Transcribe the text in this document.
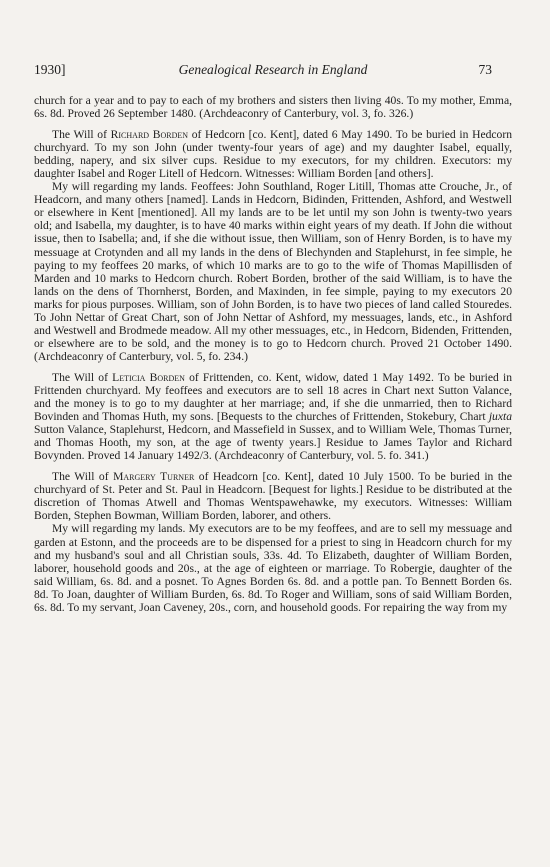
1930]	Genealogical Research in England	73

church for a year and to pay to each of my brothers and sisters then living 40s. To my mother, Emma, 6s. 8d. Proved 26 September 1480. (Archdeaconry of Canterbury, vol. 3, fo. 326.)

The Will of Richard Borden of Hedcorn [co. Kent], dated 6 May 1490. To be buried in Hedcorn churchyard. To my son John (under twenty-four years of age) and my daughter Isabel, equally, bedding, napery, and six silver cups. Residue to my executors, for my children. Executors: my daughter Isabel and Roger Litell of Hedcorn. Witnesses: William Borden [and others].

My will regarding my lands. Feoffees: John Southland, Roger Litill, Thomas atte Crouche, Jr., of Headcorn, and many others [named]. Lands in Hedcorn, Bidinden, Frittenden, Ashford, and Westwell or elsewhere in Kent [mentioned]. All my lands are to be let until my son John is twenty-two years old; and Isabella, my daughter, is to have 40 marks within eight years of my death. If John die without issue, then to Isabella; and, if she die without issue, then William, son of Henry Borden, is to have my messuage at Crotynden and all my lands in the dens of Blechynden and Staplehurst, in fee simple, he paying to my feoffees 20 marks, of which 10 marks are to go to the wife of Thomas Mapillisden of Marden and 10 marks to Hedcorn church. Robert Borden, brother of the said William, is to have the lands on the dens of Thornherst, Borden, and Maxinden, in fee simple, paying to my executors 20 marks for pious purposes. William, son of John Borden, is to have two pieces of land called Stouredes. To John Nettar of Great Chart, son of John Nettar of Ashford, my messuages, lands, etc., in Ashford and Westwell and Brodmede meadow. All my other messuages, etc., in Hedcorn, Bidenden, Frittenden, or elsewhere are to be sold, and the money is to go to Hedcorn church. Proved 21 October 1490. (Archdeaconry of Canterbury, vol. 5, fo. 234.)

The Will of Leticia Borden of Frittenden, co. Kent, widow, dated 1 May 1492. To be buried in Frittenden churchyard. My feoffees and executors are to sell 18 acres in Chart next Sutton Valance, and the money is to go to my daughter at her marriage; and, if she die unmarried, then to Richard Bovinden and Thomas Huth, my sons. [Bequests to the churches of Frittenden, Stokebury, Chart juxta Sutton Valance, Staplehurst, Hedcorn, and Massefield in Sussex, and to William Wele, Thomas Turner, and Thomas Hooth, my son, at the age of twenty years.] Residue to James Taylor and Richard Bovynden. Proved 14 January 1492/3. (Archdeaconry of Canterbury, vol. 5. fo. 341.)

The Will of Margery Turner of Headcorn [co. Kent], dated 10 July 1500. To be buried in the churchyard of St. Peter and St. Paul in Headcorn. [Bequest for lights.] Residue to be distributed at the discretion of Thomas Atwell and Thomas Wentspawehawke, my executors. Witnesses: William Borden, Stephen Bowman, William Borden, laborer, and others.

My will regarding my lands. My executors are to be my feoffees, and are to sell my messuage and garden at Estonn, and the proceeds are to be dispensed for a priest to sing in Headcorn church for my and my husband's soul and all Christian souls, 33s. 4d. To Elizabeth, daughter of William Borden, laborer, household goods and 20s., at the age of eighteen or marriage. To Robergie, daughter of the said William, 6s. 8d. and a posnet. To Agnes Borden 6s. 8d. and a pottle pan. To Bennett Borden 6s. 8d. To Joan, daughter of William Burden, 6s. 8d. To Roger and William, sons of said William Borden, 6s. 8d. To my servant, Joan Caveney, 20s., corn, and household goods. For repairing the way from my
